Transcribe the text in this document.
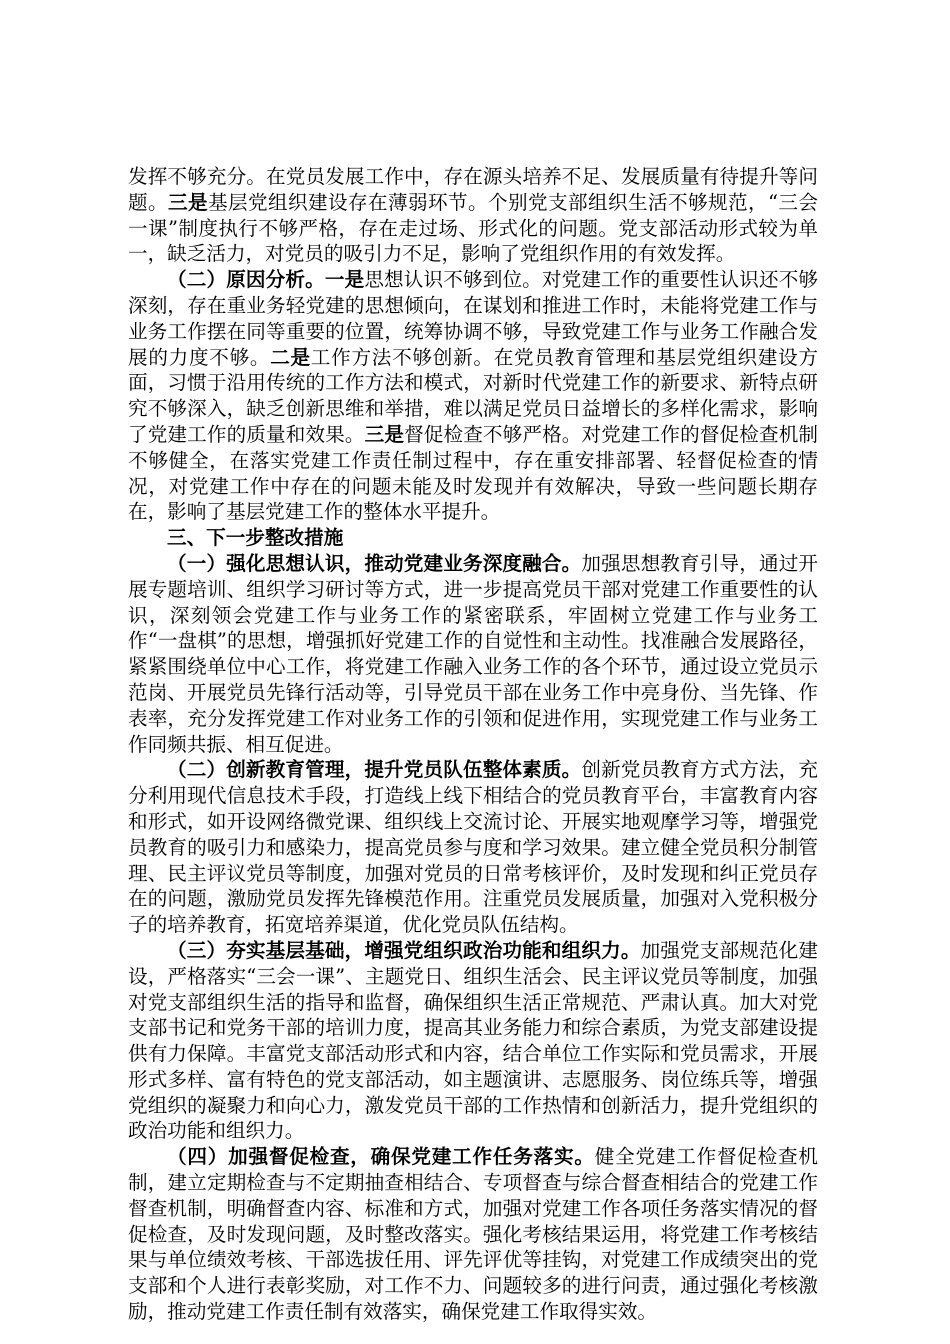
发挥不够充分。在党员发展工作中，存在源头培养不足、发展质量有待提升等问题。三是基层党组织建设存在薄弱环节。个别党支部组织生活不够规范，“三会一课”制度执行不够严格，存在走过场、形式化的问题。党支部活动形式较为单一，缺乏活力，对党员的吸引力不足，影响了党组织作用的有效发挥。

（二）原因分析。一是思想认识不够到位。对党建工作的重要性认识还不够深刻，存在重业务轻党建的思想倾向，在谋划和推进工作时，未能将党建工作与业务工作摆在同等重要的位置，统筹协调不够，导致党建工作与业务工作融合发展的力度不够。二是工作方法不够创新。在党员教育管理和基层党组织建设方面，习惯于沿用传统的工作方法和模式，对新时代党建工作的新要求、新特点研究不够深入，缺乏创新思维和举措，难以满足党员日益增长的多样化需求，影响了党建工作的质量和效果。三是督促检查不够严格。对党建工作的督促检查机制不够健全，在落实党建工作责任制过程中，存在重安排部署、轻督促检查的情况，对党建工作中存在的问题未能及时发现并有效解决，导致一些问题长期存在，影响了基层党建工作的整体水平提升。

三、下一步整改措施

（一）强化思想认识，推动党建业务深度融合。加强思想教育引导，通过开展专题培训、组织学习研讨等方式，进一步提高党员干部对党建工作重要性的认识，深刻领会党建工作与业务工作的紧密联系，牢固树立党建工作与业务工作“一盘棋”的思想，增强抓好党建工作的自觉性和主动性。找准融合发展路径，紧紧围绕单位中心工作，将党建工作融入业务工作的各个环节，通过设立党员示范岗、开展党员先锋行活动等，引导党员干部在业务工作中亮身份、当先锋、作表率，充分发挥党建工作对业务工作的引领和促进作用，实现党建工作与业务工作同频共振、相互促进。

（二）创新教育管理，提升党员队伍整体素质。创新党员教育方式方法，充分利用现代信息技术手段，打造线上线下相结合的党员教育平台，丰富教育内容和形式，如开设网络微党课、组织线上交流讨论、开展实地观摩学习等，增强党员教育的吸引力和感染力，提高党员参与度和学习效果。建立健全党员积分制管理、民主评议党员等制度，加强对党员的日常考核评价，及时发现和纠正党员存在的问题，激励党员发挥先锋模范作用。注重党员发展质量，加强对入党积极分子的培养教育，拓宽培养渠道，优化党员队伍结构。

（三）夯实基层基础，增强党组织政治功能和组织力。加强党支部规范化建设，严格落实“三会一课”、主题党日、组织生活会、民主评议党员等制度，加强对党支部组织生活的指导和监督，确保组织生活正常规范、严肃认真。加大对党支部书记和党务干部的培训力度，提高其业务能力和综合素质，为党支部建设提供有力保障。丰富党支部活动形式和内容，结合单位工作实际和党员需求，开展形式多样、富有特色的党支部活动，如主题演讲、志愿服务、岗位练兵等，增强党组织的凝聚力和向心力，激发党员干部的工作热情和创新活力，提升党组织的政治功能和组织力。

（四）加强督促检查，确保党建工作任务落实。健全党建工作督促检查机制，建立定期检查与不定期抽查相结合、专项督查与综合督查相结合的党建工作督查机制，明确督查内容、标准和方式，加强对党建工作各项任务落实情况的督促检查，及时发现问题，及时整改落实。强化考核结果运用，将党建工作考核结果与单位绩效考核、干部选拔任用、评先评优等挂钩，对党建工作成绩突出的党支部和个人进行表彰奖励，对工作不力、问题较多的进行问责，通过强化考核激励，推动党建工作责任制有效落实，确保党建工作取得实效。
